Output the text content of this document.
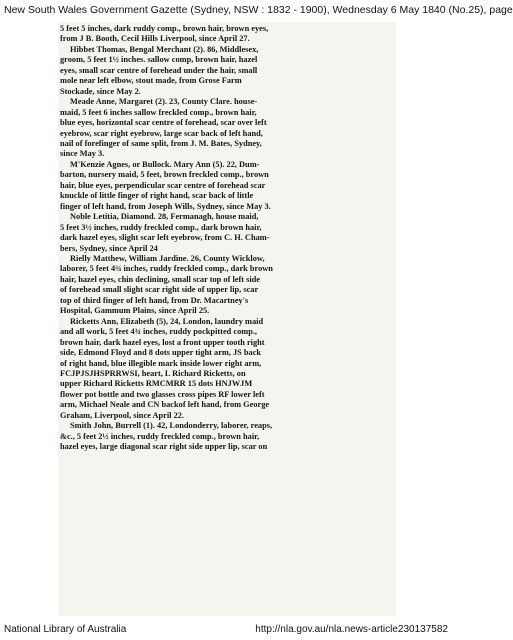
New South Wales Government Gazette (Sydney, NSW : 1832 - 1900), Wednesday 6 May 1840 (No.25), page
5 feet 5 inches, dark ruddy comp., brown hair, brown eyes,
from J B. Booth, Cecil Hills Liverpool, since April 27.
Hibbet Thomas, Bengal Merchant (2). 86, Middlesex,
groom, 5 feet 1½ inches. sallow comp, brown hair, hazel
eyes, small scar centre of forehead under the hair, small
mole near left elbow, stout made, from Grose Farm
Stockade, since May 2.
Meade Anne, Margaret (2). 23, County Clare. house-
maid, 5 feet 6 inches sallow freckled comp., brown hair,
blue eyes, horizontal scar centre of forehead, scar over left
eyebrow, scar right eyebrow, large scar back of left hand,
nail of forefinger of same split, from J. M. Bates, Sydney,
since May 3.
M'Kenzie Agnes, or Bullock. Mary Ann (5). 22, Dum-
barton, nursery maid, 5 feet, brown freckled comp., brown
hair, blue eyes, perpendicular scar centre of forehead scar
knuckle of little finger of right hand, scar back of little
finger of left hand, from Joseph Wills, Sydney, since May 3.
Noble Letitia, Diamond. 28, Fermanagh, house maid,
5 feet 3½ inches, ruddy freckled comp., dark brown hair,
dark hazel eyes, slight scar left eyebrow, from C. H. Cham-
bers, Sydney, since April 24
Rielly Matthew, William Jardine. 26, County Wicklow,
laborer, 5 feet 4¾ inches, ruddy freckled comp., dark brown
hair, hazel eyes, chin declining, small scar top of left side
of forehead small slight scar right side of upper lip, scar
top of third finger of left hand, from Dr. Macartney's
Hospital, Gammum Plains, since April 25.
Ricketts Ann, Elizabeth (5), 24, London, laundry maid
and all work, 5 feet 4¾ inches, ruddy pockpitted comp.,
brown hair, dark hazel eyes, lost a front upper tooth right
side, Edmond Floyd and 8 dots upper tight arm, JS back
of right hand, blue illegible mark inside lower right arm,
FCJPJSJHSPRRWSI, heart, L Richard Ricketts, on
upper Richard Ricketts RMCMRR 15 dots HNJWJM
flower pot bottle and two glasses cross pipes RF lower left
arm, Michael Neale and CN backof left hand, from George
Graham, Liverpool, since April 22.
Smith John, Burrell (1). 42, Londonderry, laborer, reaps,
&c., 5 feet 2½ inches, ruddy freckled comp., brown hair,
hazel eyes, large diagonal scar right side upper lip, scar on
National Library of Australia	http://nla.gov.au/nla.news-article230137582
